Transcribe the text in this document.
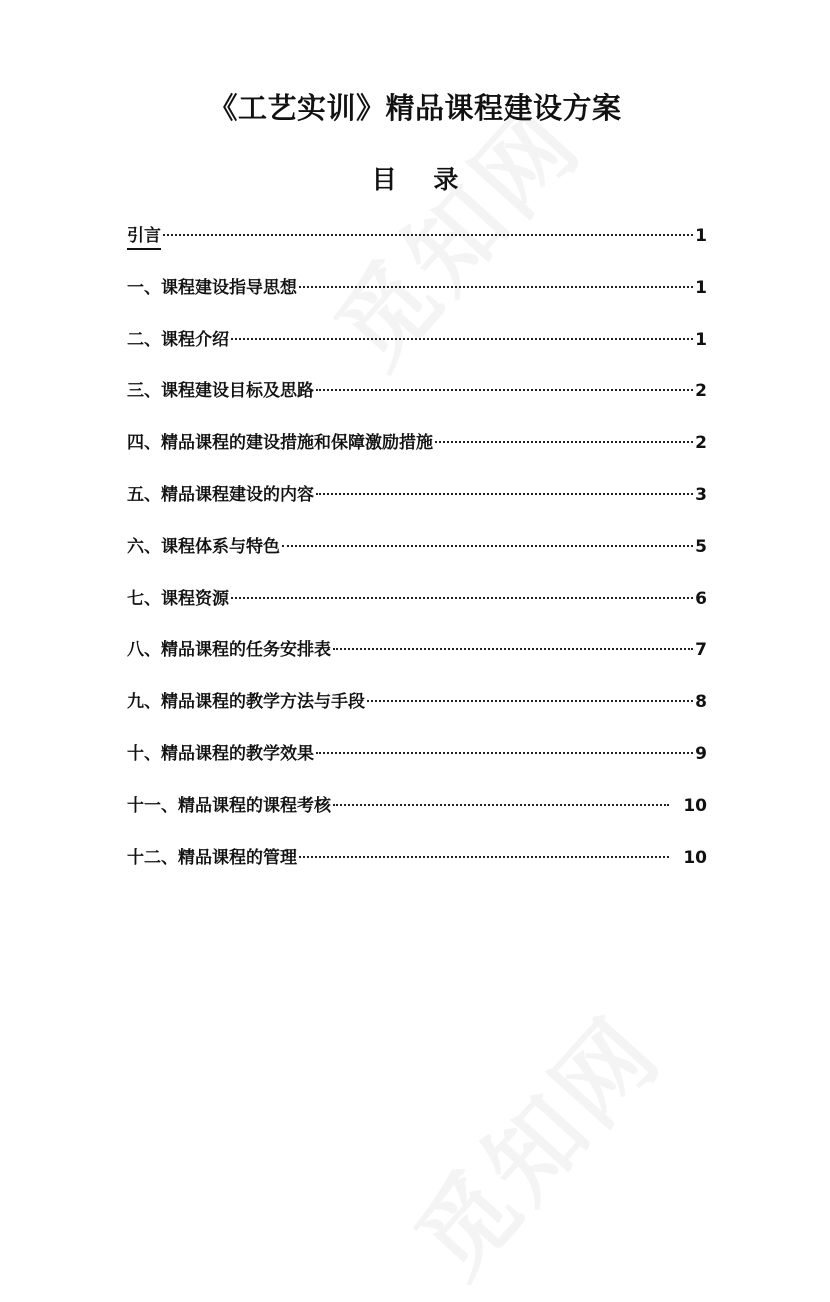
《工艺实训》精品课程建设方案
目 录
引言	1
一、课程建设指导思想	1
二、课程介绍	1
三、课程建设目标及思路	2
四、精品课程的建设措施和保障激励措施	2
五、精品课程建设的内容	3
六、课程体系与特色	5
七、课程资源	6
八、精品课程的任务安排表	7
九、精品课程的教学方法与手段	8
十、精品课程的教学效果	9
十一、精品课程的课程考核	10
十二、精品课程的管理	10
